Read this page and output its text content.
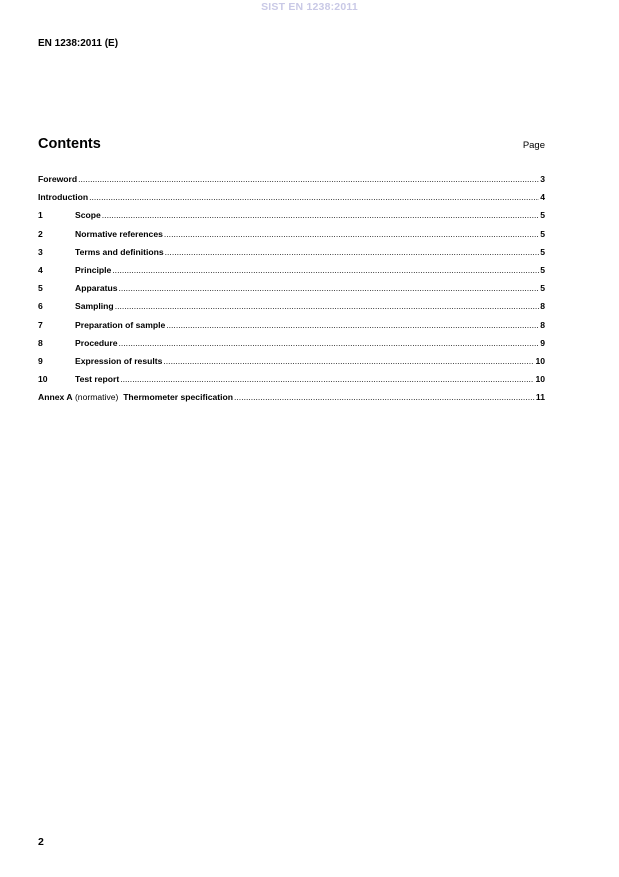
SIST EN 1238:2011
EN 1238:2011 (E)
Contents	Page
Foreword .....	3
Introduction .....	4
1	Scope .....	5
2	Normative references .....	5
3	Terms and definitions .....	5
4	Principle .....	5
5	Apparatus .....	5
6	Sampling .....	8
7	Preparation of sample .....	8
8	Procedure .....	9
9	Expression of results .....	10
10	Test report .....	10
Annex A (normative) Thermometer specification .....	11
2
